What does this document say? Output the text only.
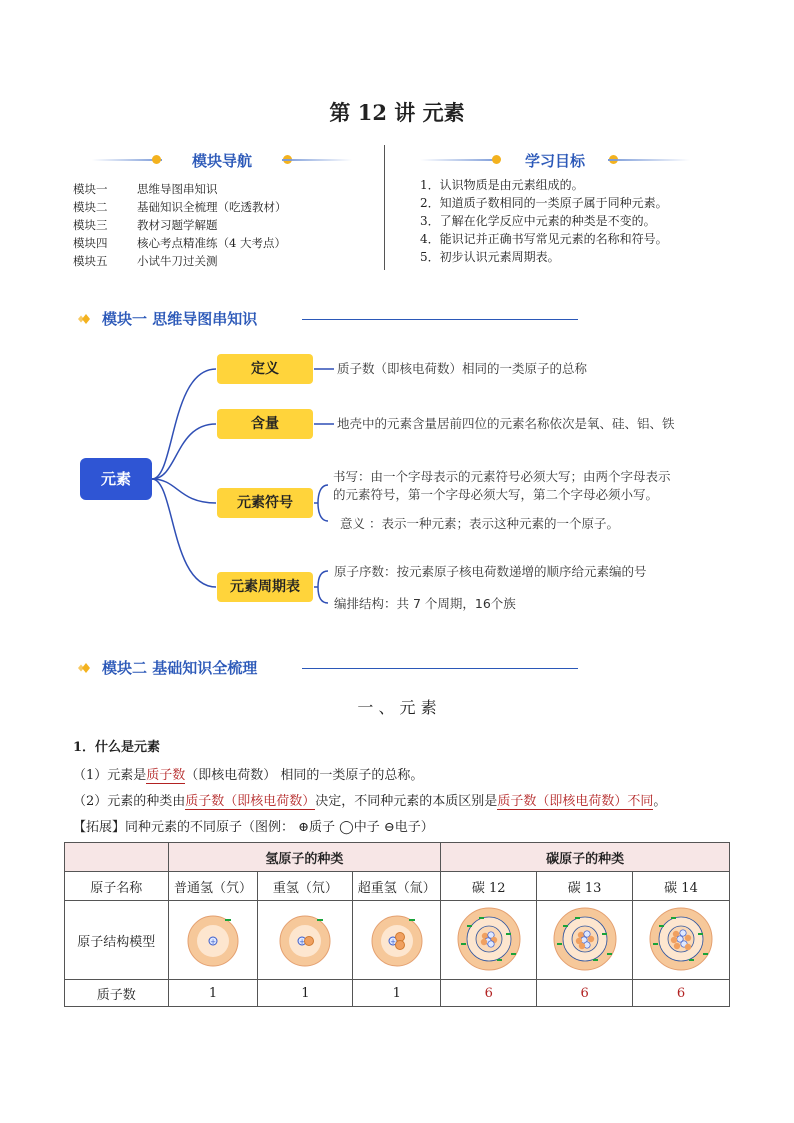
第 12 讲 元素
模块导航
模块一	思维导图串知识
模块二	基础知识全梳理（吃透教材）
模块三	教材习题学解题
模块四	核心考点精准练（4 大考点）
模块五	小试牛刀过关测
学习目标
1．认识物质是由元素组成的。
2．知道质子数相同的一类原子属于同种元素。
3．了解在化学反应中元素的种类是不变的。
4．能识记并正确书写常见元素的名称和符号。
5．初步认识元素周期表。
模块一 思维导图串知识
元素
定义
含量
元素符号
元素周期表
质子数（即核电荷数）相同的一类原子的总称
地壳中的元素含量居前四位的元素名称依次是氧、硅、铝、铁
书写：由一个字母表示的元素符号必须大写；由两个字母表示
的元素符号，第一个字母必须大写，第二个字母必须小写。
意义 ：表示一种元素；表示这种元素的一个原子。
原子序数：按元素原子核电荷数递增的顺序给元素编的号
编排结构：共 7 个周期，16个族
模块二 基础知识全梳理
一 、 元 素
1．什么是元素
（1）元素是质子数（即核电荷数） 相同的一类原子的总称。
（2）元素的种类由质子数（即核电荷数）决定，不同种元素的本质区别是质子数（即核电荷数）不同。
【拓展】同种元素的不同原子（图例： ⊕质子 ◯中子 ⊖电子）
	氢原子的种类			碳原子的种类		
原子名称	普通氢（氕）	重氢（氘）	超重氢（氚）	碳 12	碳 13	碳 14
原子结构模型	+	+	+

质子数	1	1	1	6	6	6
